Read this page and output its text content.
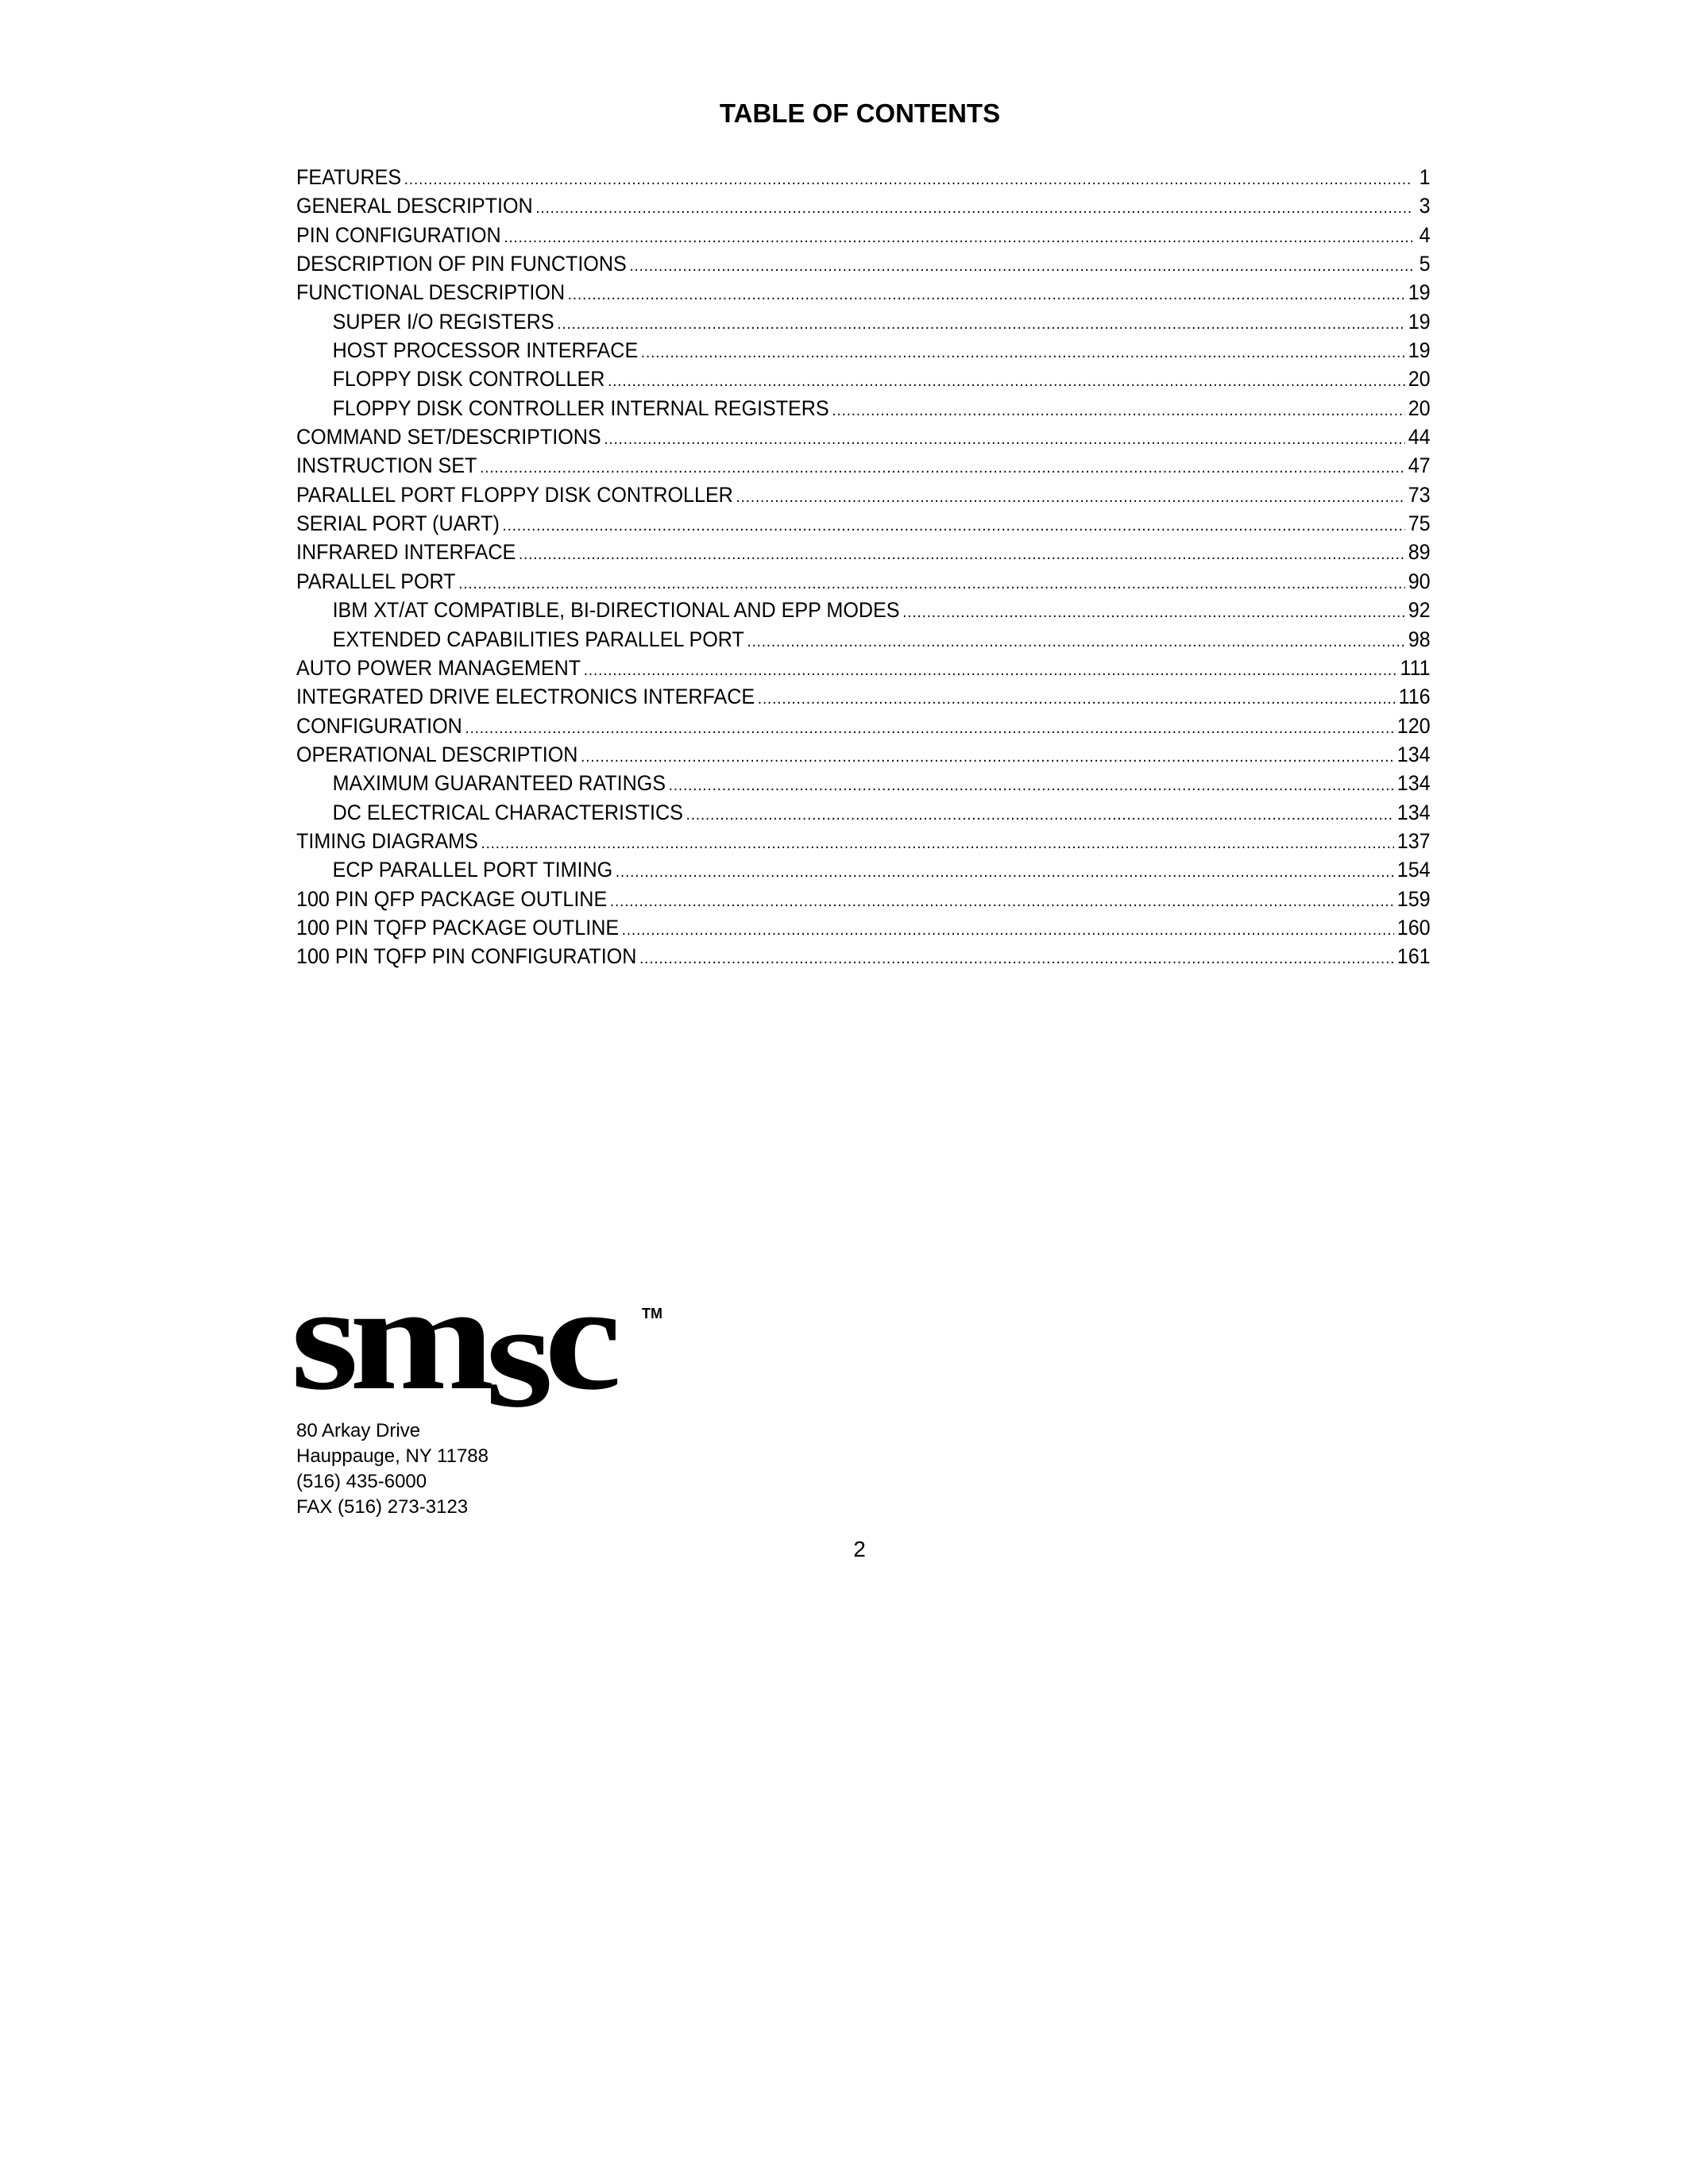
TABLE OF CONTENTS
FEATURES .....	1
GENERAL DESCRIPTION .....	3
PIN CONFIGURATION .....	4
DESCRIPTION OF PIN FUNCTIONS .....	5
FUNCTIONAL DESCRIPTION .....	19
SUPER I/O REGISTERS .....	19
HOST PROCESSOR INTERFACE .....	19
FLOPPY DISK CONTROLLER .....	20
FLOPPY DISK CONTROLLER INTERNAL REGISTERS .....	20
COMMAND SET/DESCRIPTIONS .....	44
INSTRUCTION SET .....	47
PARALLEL PORT FLOPPY DISK CONTROLLER .....	73
SERIAL PORT (UART) .....	75
INFRARED INTERFACE .....	89
PARALLEL PORT .....	90
IBM XT/AT COMPATIBLE, BI-DIRECTIONAL AND EPP MODES .....	92
EXTENDED CAPABILITIES PARALLEL PORT .....	98
AUTO POWER MANAGEMENT .....	111
INTEGRATED DRIVE ELECTRONICS INTERFACE .....	116
CONFIGURATION .....	120
OPERATIONAL DESCRIPTION .....	134
MAXIMUM GUARANTEED RATINGS .....	134
DC ELECTRICAL CHARACTERISTICS .....	134
TIMING DIAGRAMS .....	137
ECP PARALLEL PORT TIMING .....	154
100 PIN QFP PACKAGE OUTLINE .....	159
100 PIN TQFP PACKAGE OUTLINE .....	160
100 PIN TQFP PIN CONFIGURATION .....	161
sm sc	TM
80 Arkay Drive
Hauppauge, NY 11788
(516) 435-6000
FAX (516) 273-3123
2
